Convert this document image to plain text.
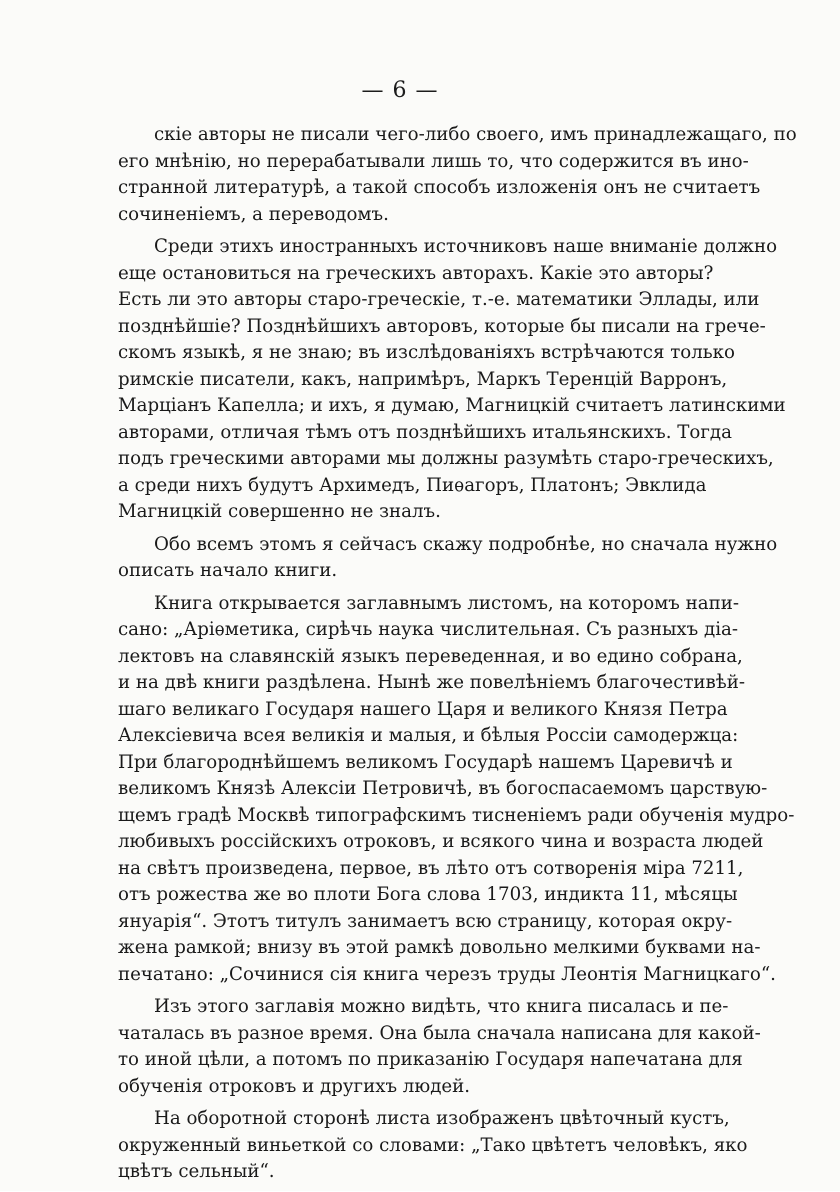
— 6 —
скіе авторы не писали чего-либо своего, имъ принадлежащаго, по
его мнѣнію, но перерабатывали лишь то, что содержится въ ино-
странной литературѣ, а такой способъ изложенія онъ не считаетъ
сочиненіемъ, а переводомъ.
Среди этихъ иностранныхъ источниковъ наше вниманіе должно
еще остановиться на греческихъ авторахъ. Какіе это авторы?
Есть ли это авторы старо-греческіе, т.-е. математики Эллады, или
позднѣйшіе? Позднѣйшихъ авторовъ, которые бы писали на грече-
скомъ языкѣ, я не знаю; въ изслѣдованіяхъ встрѣчаются только
римскіе писатели, какъ, напримѣръ, Маркъ Теренцій Варронъ,
Марціанъ Капелла; и ихъ, я думаю, Магницкій считаетъ латинскими
авторами, отличая тѣмъ отъ позднѣйшихъ итальянскихъ. Тогда
подъ греческими авторами мы должны разумѣть старо-греческихъ,
а среди нихъ будутъ Архимедъ, Пиѳагоръ, Платонъ; Эвклида
Магницкій совершенно не зналъ.
Обо всемъ этомъ я сейчасъ скажу подробнѣе, но сначала нужно
описать начало книги.
Книга открывается заглавнымъ листомъ, на которомъ напи-
сано: „Аріѳметика, сирѣчь наука числительная. Съ разныхъ діа-
лектовъ на славянскій языкъ переведенная, и во едино собрана,
и на двѣ книги раздѣлена. Нынѣ же повелѣніемъ благочестивѣй-
шаго великаго Государя нашего Царя и великого Князя Петра
Алексіевича всея великія и малыя, и бѣлыя Россіи самодержца:
При благороднѣйшемъ великомъ Государѣ нашемъ Царевичѣ и
великомъ Князѣ Алексіи Петровичѣ, въ богоспасаемомъ царствую-
щемъ градѣ Москвѣ типографскимъ тисненіемъ ради обученія мудро-
любивыхъ россійскихъ отроковъ, и всякого чина и возраста людей
на свѣтъ произведена, первое, въ лѣто отъ сотворенія міра 7211,
отъ рожества же во плоти Бога слова 1703, индикта 11, мѣсяцы
януарія“. Этотъ титулъ занимаетъ всю страницу, которая окру-
жена рамкой; внизу въ этой рамкѣ довольно мелкими буквами на-
печатано: „Сочинися сія книга черезъ труды Леонтія Магницкаго“.
Изъ этого заглавія можно видѣть, что книга писалась и пе-
чаталась въ разное время. Она была сначала написана для какой-
то иной цѣли, а потомъ по приказанію Государя напечатана для
обученія отроковъ и другихъ людей.
На оборотной сторонѣ листа изображенъ цвѣточный кустъ,
окруженный виньеткой со словами: „Тако цвѣтетъ человѣкъ, яко
цвѣтъ сельный“.
